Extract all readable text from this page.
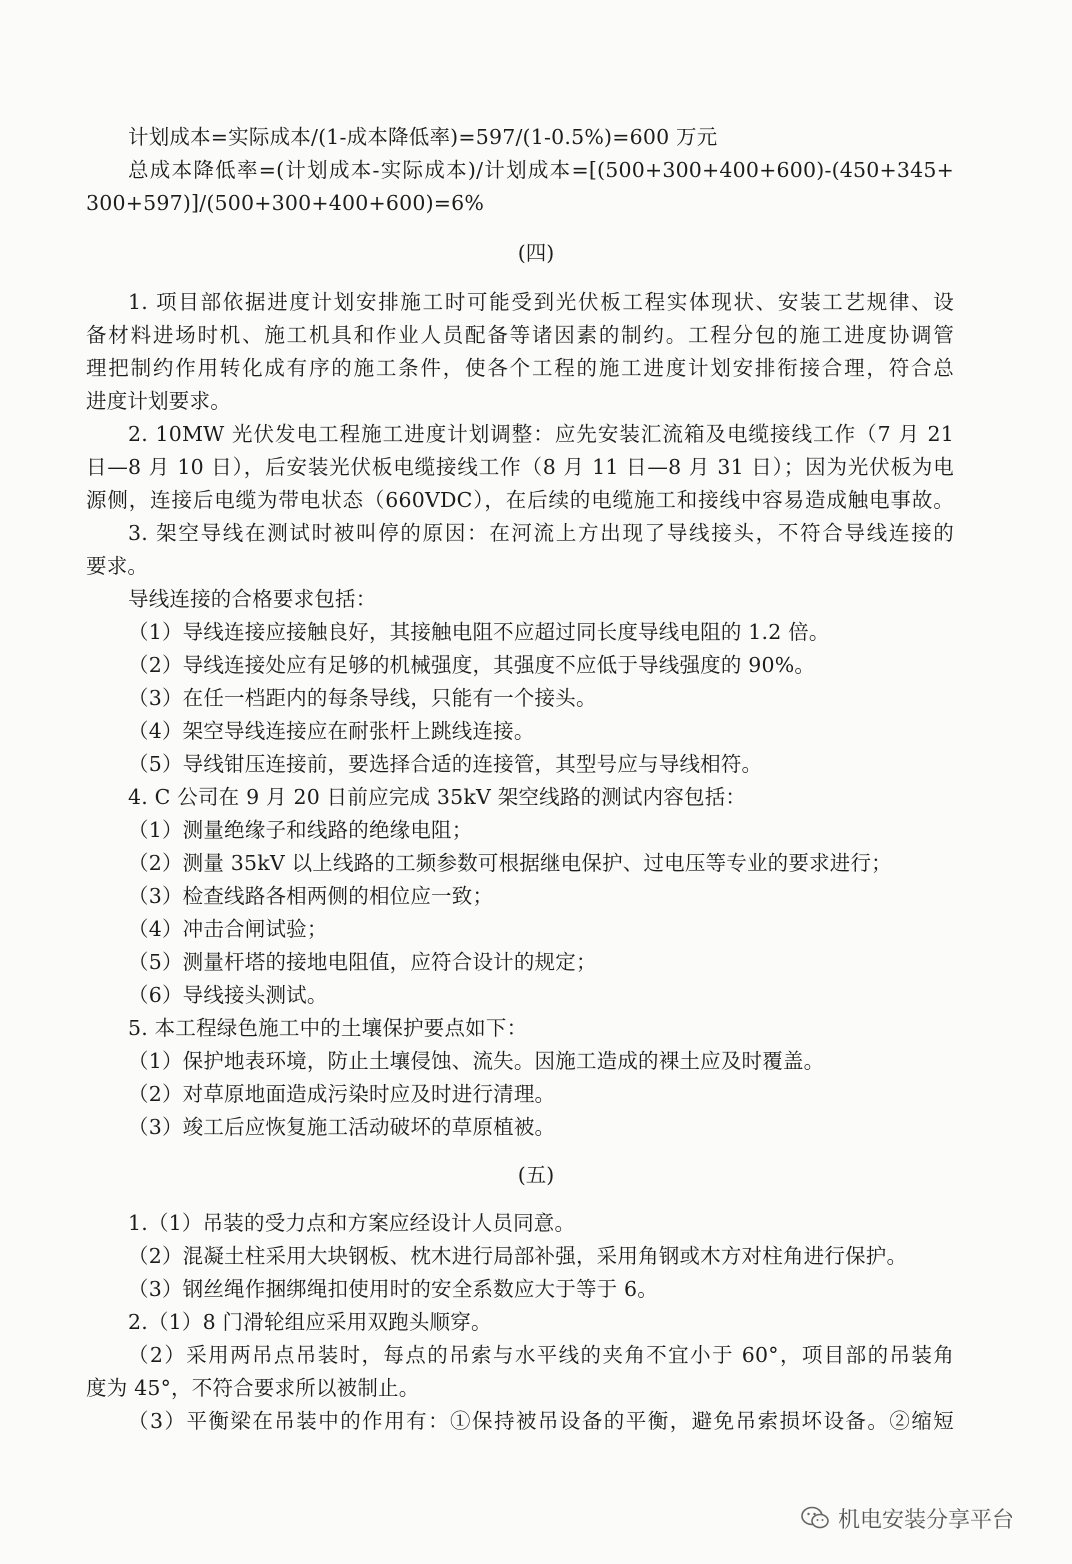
计划成本=实际成本/(1-成本降低率)=597/(1-0.5%)=600 万元
总成本降低率=(计划成本-实际成本)/计划成本=[(500+300+400+600)-(450+345+
300+597)]/(500+300+400+600)=6%
(四)
1. 项目部依据进度计划安排施工时可能受到光伏板工程实体现状、安装工艺规律、设
备材料进场时机、施工机具和作业人员配备等诸因素的制约。工程分包的施工进度协调管
理把制约作用转化成有序的施工条件，使各个工程的施工进度计划安排衔接合理，符合总
进度计划要求。
2. 10MW 光伏发电工程施工进度计划调整：应先安装汇流箱及电缆接线工作（7 月 21
日—8 月 10 日），后安装光伏板电缆接线工作（8 月 11 日—8 月 31 日）；因为光伏板为电
源侧，连接后电缆为带电状态（660VDC），在后续的电缆施工和接线中容易造成触电事故。
3. 架空导线在测试时被叫停的原因：在河流上方出现了导线接头，不符合导线连接的
要求。
导线连接的合格要求包括：
（1）导线连接应接触良好，其接触电阻不应超过同长度导线电阻的 1.2 倍。
（2）导线连接处应有足够的机械强度，其强度不应低于导线强度的 90%。
（3）在任一档距内的每条导线，只能有一个接头。
（4）架空导线连接应在耐张杆上跳线连接。
（5）导线钳压连接前，要选择合适的连接管，其型号应与导线相符。
4. C 公司在 9 月 20 日前应完成 35kV 架空线路的测试内容包括：
（1）测量绝缘子和线路的绝缘电阻；
（2）测量 35kV 以上线路的工频参数可根据继电保护、过电压等专业的要求进行；
（3）检查线路各相两侧的相位应一致；
（4）冲击合闸试验；
（5）测量杆塔的接地电阻值，应符合设计的规定；
（6）导线接头测试。
5. 本工程绿色施工中的土壤保护要点如下：
（1）保护地表环境，防止土壤侵蚀、流失。因施工造成的裸土应及时覆盖。
（2）对草原地面造成污染时应及时进行清理。
（3）竣工后应恢复施工活动破坏的草原植被。
(五)
1.（1）吊装的受力点和方案应经设计人员同意。
（2）混凝土柱采用大块钢板、枕木进行局部补强，采用角钢或木方对柱角进行保护。
（3）钢丝绳作捆绑绳扣使用时的安全系数应大于等于 6。
2.（1）8 门滑轮组应采用双跑头顺穿。
（2）采用两吊点吊装时，每点的吊索与水平线的夹角不宜小于 60°，项目部的吊装角
度为 45°，不符合要求所以被制止。
（3）平衡梁在吊装中的作用有：①保持被吊设备的平衡，避免吊索损坏设备。②缩短
机电安装分享平台
